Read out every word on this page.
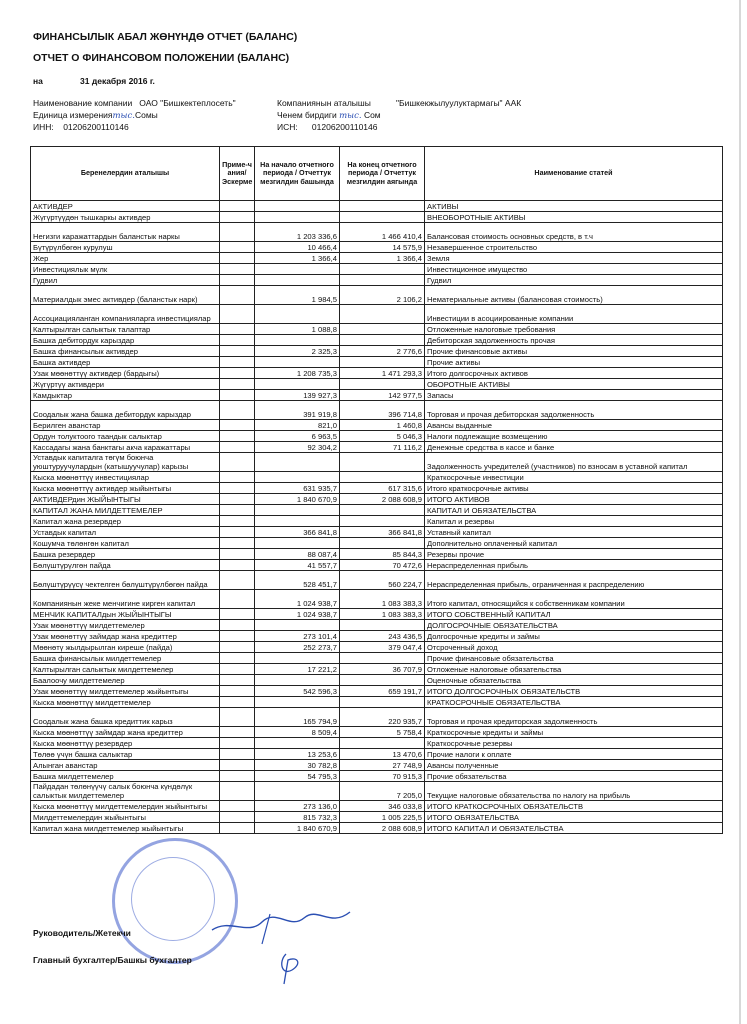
ФИНАНСЫЛЫК АБАЛ ЖӨНҮНДӨ ОТЧЕТ (БАЛАНС)
ОТЧЕТ О ФИНАНСОВОМ ПОЛОЖЕНИИ (БАЛАНС)
на	31 декабря 2016 г.
Наименование компании ОАО "Бишкектеплосеть"	Компаниянын аталышы	"Бишкекжылуулуктармагы" ААК
Единица измерениятыс.Сомы	Ченем бирдиги тыс. Сом
ИНН: 01206200110146	ИСН: 01206200110146
Беренелердин аталышы	Приме-ч ания/ Эскерме	На начало отчетного периода / Отчеттук мезгилдин башында	На конец отчетного периода / Отчеттук мезгилдин аягында	Наименование статей
АКТИВДЕР				АКТИВЫ
Жүгүртүүдөн тышкаркы активдер				ВНЕОБОРОТНЫЕ АКТИВЫ
Негизги каражаттардын баланстык наркы		1 203 336,6	1 466 410,4	Балансовая стоимость основных средств, в т.ч
Бүтүрүлбөгөн курулуш		10 466,4	14 575,9	Незавершенное строительство
Жер		1 366,4	1 366,4	Земля
Инвестициялык мүлк				Инвестиционное имущество
Гудвил				Гудвил
Материалдык эмес активдер (баланстык нарк)		1 984,5	2 106,2	Нематериальные активы (балансовая стоимость)
Ассоциацияланган компанияларга инвестициялар				Инвестиции в асоциированные компании
Калтырылган салыктык талаптар		1 088,8		Отложенные налоговые требования
Башка дебитордук карыздар				Дебиторская задолженность прочая
Башка финансылык активдер		2 325,3	2 776,6	Прочие финансовые активы
Башка активдер				Прочие активы
Узак мөөнөттүү активдер (бардыгы)		1 208 735,3	1 471 293,3	Итого долгосрочных активов
Жүгүртүү активдери				ОБОРОТНЫЕ АКТИВЫ
Камдыктар		139 927,3	142 977,5	Запасы
Соодалык жана башка дебитордук карыздар		391 919,8	396 714,8	Торговая и прочая дебиторская задолженность
Берилген аванстар		821,0	1 460,8	Авансы выданные
Ордун толуктоого таандык салыктар		6 963,5	5 046,3	Налоги подлежащие возмещению
Кассадагы жана банктагы акча каражаттары		92 304,2	71 116,2	Денежные средства в кассе и банке
Уставдык капиталга төгүм боюнча уюштуруучулардын (катышуучулар) карызы				Задолженность учредителей (участников) по взносам в уставной капитал
Кыска мөөнөттүү инвестициялар				Краткосрочные инвестиции
Кыска мөөнөттүү активдер жыйынтыгы		631 935,7	617 315,6	Итого краткосрочные активы
АКТИВДЕРдин ЖЫЙЫНТЫГЫ		1 840 670,9	2 088 608,9	ИТОГО АКТИВОВ
КАПИТАЛ ЖАНА МИЛДЕТТЕМЕЛЕР				КАПИТАЛ И ОБЯЗАТЕЛЬСТВА
Капитал жана резервдер				Капитал и резервы
Уставдык капитал		366 841,8	366 841,8	Уставный капитал
Кошумча төлөнгөн капитал				Дополнительно оплаченный капитал
Башка резервдер		88 087,4	85 844,3	Резервы прочие
Бөлүштүрүлгөн пайда		41 557,7	70 472,6	Нераспределенная прибыль
Бөлүштүрүүсү чектелген бөлүштүрүлбөгөн пайда		528 451,7	560 224,7	Нераспределенная прибыль, ограниченная к распределению
Компаниянын жеке менчигине кирген капитал		1 024 938,7	1 083 383,3	Итого капитал, относящийся к собственникам компании
МЕНЧИК КАПИТАЛдын ЖЫЙЫНТЫГЫ		1 024 938,7	1 083 383,3	ИТОГО СОБСТВЕННЫЙ КАПИТАЛ
Узак мөөнөттүү милдеттемелер				ДОЛГОСРОЧНЫЕ ОБЯЗАТЕЛЬСТВА
Узак мөөнөттүү займдар жана кредиттер		273 101,4	243 436,5	Долгосрочные кредиты и займы
Мөөнөтү жылдырылган кирешe (пайда)		252 273,7	379 047,4	Отсроченный доход
Башка финансылык милдеттемелер				Прочие финансовые обязательства
Калтырылган салыктык милдеттемелер		17 221,2	36 707,9	Отложеные налоговые обязательства
Баалоочу милдеттемелер				Оценочные обязательства
Узак мөөнөттүү милдеттемелер жыйынтыгы		542 596,3	659 191,7	ИТОГО ДОЛГОСРОЧНЫХ ОБЯЗАТЕЛЬСТВ
Кыска мөөнөттүү милдеттемелер				КРАТКОСРОЧНЫЕ ОБЯЗАТЕЛЬСТВА
Соодалык жана башка кредиттик карыз		165 794,9	220 935,7	Торговая и прочая кредиторская задолженность
Кыска мөөнөттүү займдар жана кредиттер		8 509,4	5 758,4	Краткосрочные кредиты и займы
Кыска мөөнөттүү резервдер				Краткосрочные резервы
Төлөө үчүн башка салыктар		13 253,6	13 470,6	Прочие налоги к оплате
Алынган аванстар		30 782,8	27 748,9	Авансы полученные
Башка милдеттемелер		54 795,3	70 915,3	Прочие обязательства
Пайдадан төлөнүүчү салык боюнча күндөлүк салыктык милдеттемелер			7 205,0	Текущие налоговые обязательства по налогу на прибыль
Кыска мөөнөттүү милдеттемелердин жыйынтыгы		273 136,0	346 033,8	ИТОГО КРАТКОСРОЧНЫХ ОБЯЗАТЕЛЬСТВ
Милдеттемелердин жыйынтыгы		815 732,3	1 005 225,5	ИТОГО ОБЯЗАТЕЛЬСТВА
Капитал жана милдеттемелер жыйынтыгы		1 840 670,9	2 088 608,9	ИТОГО КАПИТАЛ И ОБЯЗАТЕЛЬСТВА
Руководитель/Жетекчи
Главный бухгалтер/Башкы бухгалтер
